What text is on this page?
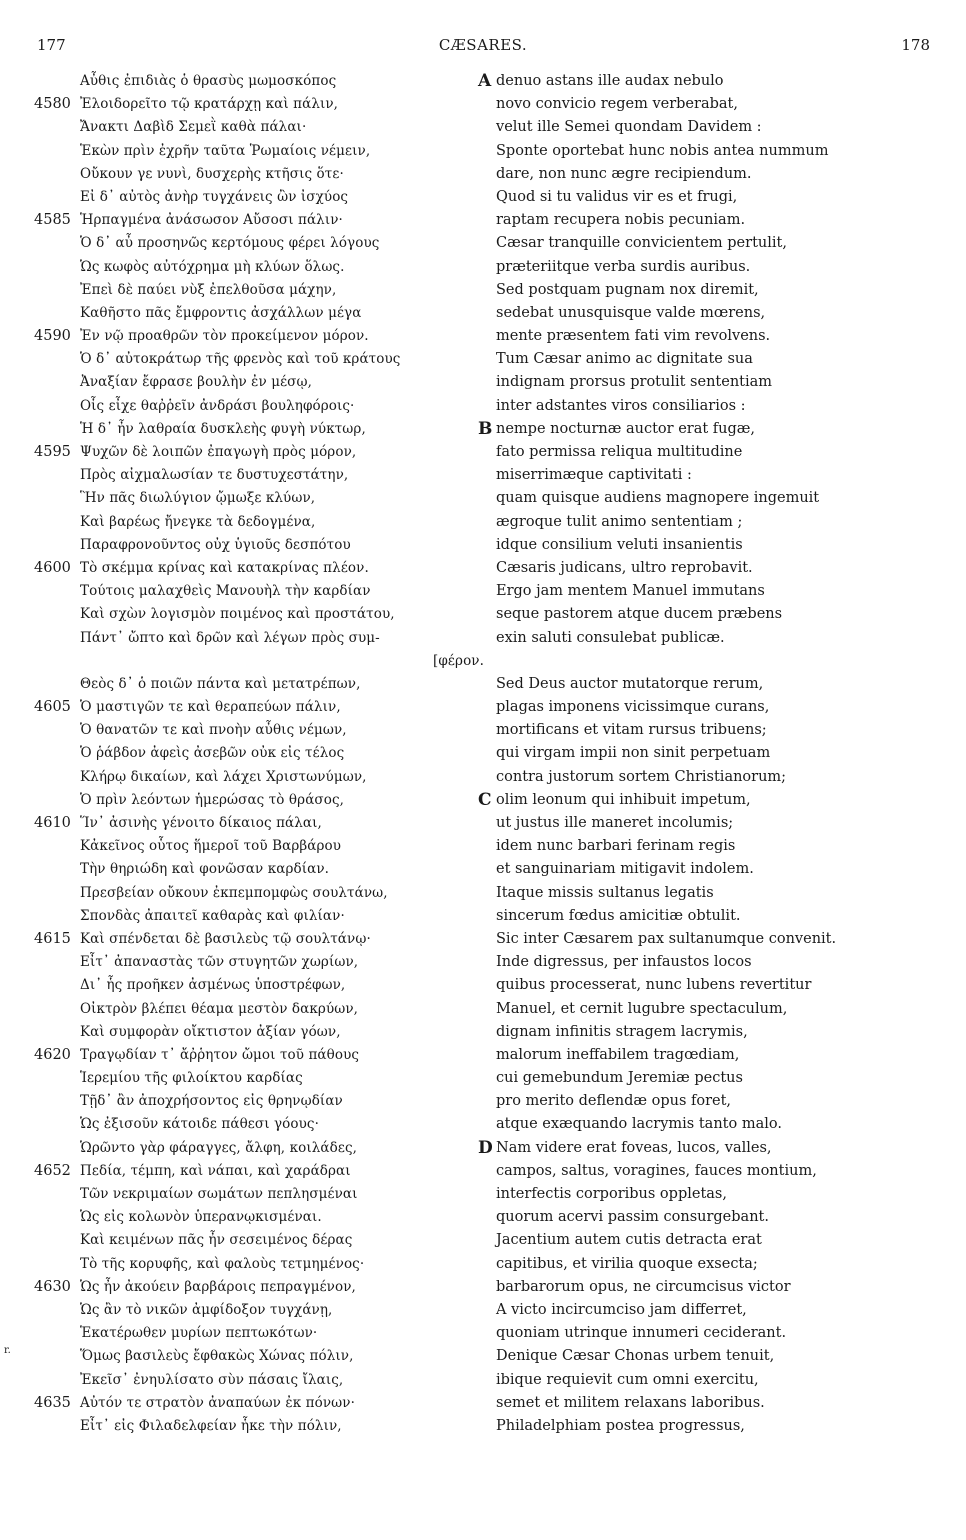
177	CÆSARES.	178
Αὖθις ἐπιδιὰς ὁ θρασὺς μωμοσκόπος
4580 Ἐλοιδορεῖτο τῷ κρατάρχῃ καὶ πάλιν,
Ἄνακτι Δαβὶδ Σεμεῒ καθὰ πάλαι·
Ἑκὼν πρὶν ἐχρῆν ταῦτα Ῥωμαίοις νέμειν,
Οὔκουν γε νυνὶ, δυσχερὴς κτῆσις ὅτε·
Εἰ δ᾽ αὐτὸς ἀνὴρ τυγχάνεις ὢν ἰσχύος
4585 Ἡρπαγμένα ἀνάσωσον Αὔσοσι πάλιν·
Ὁ δ᾽ αὖ προσηνῶς κερτόμους φέρει λόγους
Ὡς κωφὸς αὐτόχρημα μὴ κλύων ὅλως.
Ἐπεὶ δὲ παύει νὺξ ἐπελθοῦσα μάχην,
Καθῆστο πᾶς ἔμφροντις ἀσχάλλων μέγα
4590 Ἐν νῷ προαθρῶν τὸν προκείμενον μόρον.
Ὁ δ᾽ αὐτοκράτωρ τῆς φρενὸς καὶ τοῦ κράτους
Ἀναξίαν ἔφρασε βουλὴν ἐν μέσῳ,
Οἷς εἶχε θαῤῥεῖν ἀνδράσι βουληφόροις·
Ἡ δ᾽ ἦν λαθραία δυσκλεὴς φυγὴ νύκτωρ,
4595 Ψυχῶν δὲ λοιπῶν ἐπαγωγὴ πρὸς μόρον,
Πρὸς αἰχμαλωσίαν τε δυστυχεστάτην,
Ἣν πᾶς διωλύγιον ᾤμωξε κλύων,
Καὶ βαρέως ἤνεγκε τὰ δεδογμένα,
Παραφρονοῦντος οὐχ ὑγιοῦς δεσπότου
4600 Τὸ σκέμμα κρίνας καὶ κατακρίνας πλέον.
Τούτοις μαλαχθεὶς Μανουὴλ τὴν καρδίαν
Καὶ σχὼν λογισμὸν ποιμένος καὶ προστάτου,
Πάντ᾽ ὤπτο καὶ δρῶν καὶ λέγων πρὸς συμ-
[φέρον.
Θεὸς δ᾽ ὁ ποιῶν πάντα καὶ μετατρέπων,
4605 Ὁ μαστιγῶν τε καὶ θεραπεύων πάλιν,
Ὁ θανατῶν τε καὶ πνοὴν αὖθις νέμων,
Ὁ ῥάβδον ἀφεὶς ἀσεβῶν οὐκ εἰς τέλος
Κλήρῳ δικαίων, καὶ λάχει Χριστωνύμων,
Ὁ πρὶν λεόντων ἡμερώσας τὸ θράσος,
4610 Ἵν᾽ ἀσινὴς γένοιτο δίκαιος πάλαι,
Κἀκεῖνος οὗτος ἥμεροῖ τοῦ Βαρβάρου
Τὴν θηριώδη καὶ φονῶσαν καρδίαν.
Πρεσβείαν οὔκουν ἐκπεμπομφὼς σουλτάνω,
Σπονδὰς ἀπαιτεῖ καθαρὰς καὶ φιλίαν·
4615 Καὶ σπένδεται δὲ βασιλεὺς τῷ σουλτάνῳ·
Εἶτ᾽ ἀπαναστὰς τῶν στυγητῶν χωρίων,
Δι᾽ ἧς προῆκεν ἀσμένως ὑποστρέφων,
Οἰκτρὸν βλέπει θέαμα μεστὸν δακρύων,
Καὶ συμφορὰν οἴκτιστον ἀξίαν γόων,
4620 Τραγῳδίαν τ᾽ ἄῤῥητον ὤμοι τοῦ πάθους
Ἱερεμίου τῆς φιλοίκτου καρδίας
Τῇδ᾽ ἂν ἀποχρήσοντος εἰς θρηνῳδίαν
Ὡς ἐξισοῦν κάτοιδε πάθεσι γόους·
Ὡρῶντο γὰρ φάραγγες, ἄλφη, κοιλάδες,
4652 Πεδία, τέμπη, καὶ νάπαι, καὶ χαράδραι
Τῶν νεκριμαίων σωμάτων πεπλησμέναι
Ὡς εἰς κολωνὸν ὑπερανῳκισμέναι.
Καὶ κειμένων πᾶς ἦν σεσειμένος δέρας
Τὸ τῆς κορυφῆς, καὶ φαλοὺς τετμημένος·
4630 Ὡς ἦν ἀκούειν βαρβάροις πεπραγμένον,
Ὡς ἂν τὸ νικῶν ἀμφίδοξον τυγχάνῃ,
Ἑκατέρωθεν μυρίων πεπτωκότων·
Ὅμως βασιλεὺς ἔφθακὼς Χώνας πόλιν,
Ἐκεῖσ᾽ ἐνηυλίσατο σὺν πάσαις ἴλαις,
4635 Αὐτόν τε στρατὸν ἀναπαύων ἐκ πόνων·
Εἶτ᾽ εἰς Φιλαδελφείαν ἧκε τὴν πόλιν,
A denuo astans ille audax nebulo
novo convicio regem verberabat,
velut ille Semei quondam Davidem :
Sponte oportebat hunc nobis antea nummum
dare, non nunc ægre recipiendum.
Quod si tu validus vir es et frugi,
raptam recupera nobis pecuniam.
Cæsar tranquille convicientem pertulit,
præteriitque verba surdis auribus.
Sed postquam pugnam nox diremit,
sedebat unusquisque valde mœrens,
mente præsentem fati vim revolvens.
Tum Cæsar animo ac dignitate sua
indignam prorsus protulit sententiam
inter adstantes viros consiliarios :
B nempe nocturnæ auctor erat fugæ,
fato permissa reliqua multitudine
miserrimæque captivitati :
quam quisque audiens magnopere ingemuit
ægroque tulit animo sententiam ;
idque consilium veluti insanientis
Cæsaris judicans, ultro reprobavit.
Ergo jam mentem Manuel immutans
seque pastorem atque ducem præbens
exin saluti consulebat publicæ.
Sed Deus auctor mutatorque rerum,
plagas imponens vicissimque curans,
mortificans et vitam rursus tribuens;
qui virgam impii non sinit perpetuam
contra justorum sortem Christianorum;
C olim leonum qui inhibuit impetum,
ut justus ille maneret incolumis;
idem nunc barbari ferinam regis
et sanguinariam mitigavit indolem.
Itaque missis sultanus legatis
sincerum fœdus amicitiæ obtulit.
Sic inter Cæsarem pax sultanumque convenit.
Inde digressus, per infaustos locos
quibus processerat, nunc lubens revertitur
Manuel, et cernit lugubre spectaculum,
dignam infinitis stragem lacrymis,
malorum ineffabilem tragœdiam,
cui gemebundum Jeremiæ pectus
pro merito deflendæ opus foret,
atque exæquando lacrymis tanto malo.
D Nam videre erat foveas, lucos, valles,
campos, saltus, voragines, fauces montium,
interfectis corporibus oppletas,
quorum acervi passim consurgebant.
Jacentium autem cutis detracta erat
capitibus, et virilia quoque exsecta;
barbarorum opus, ne circumcisus victor
A victo incircumciso jam differret,
quoniam utrinque innumeri ceciderant.
Denique Cæsar Chonas urbem tenuit,
ibique requievit cum omni exercitu,
semet et militem relaxans laboribus.
Philadelphiam postea progressus,
r.
